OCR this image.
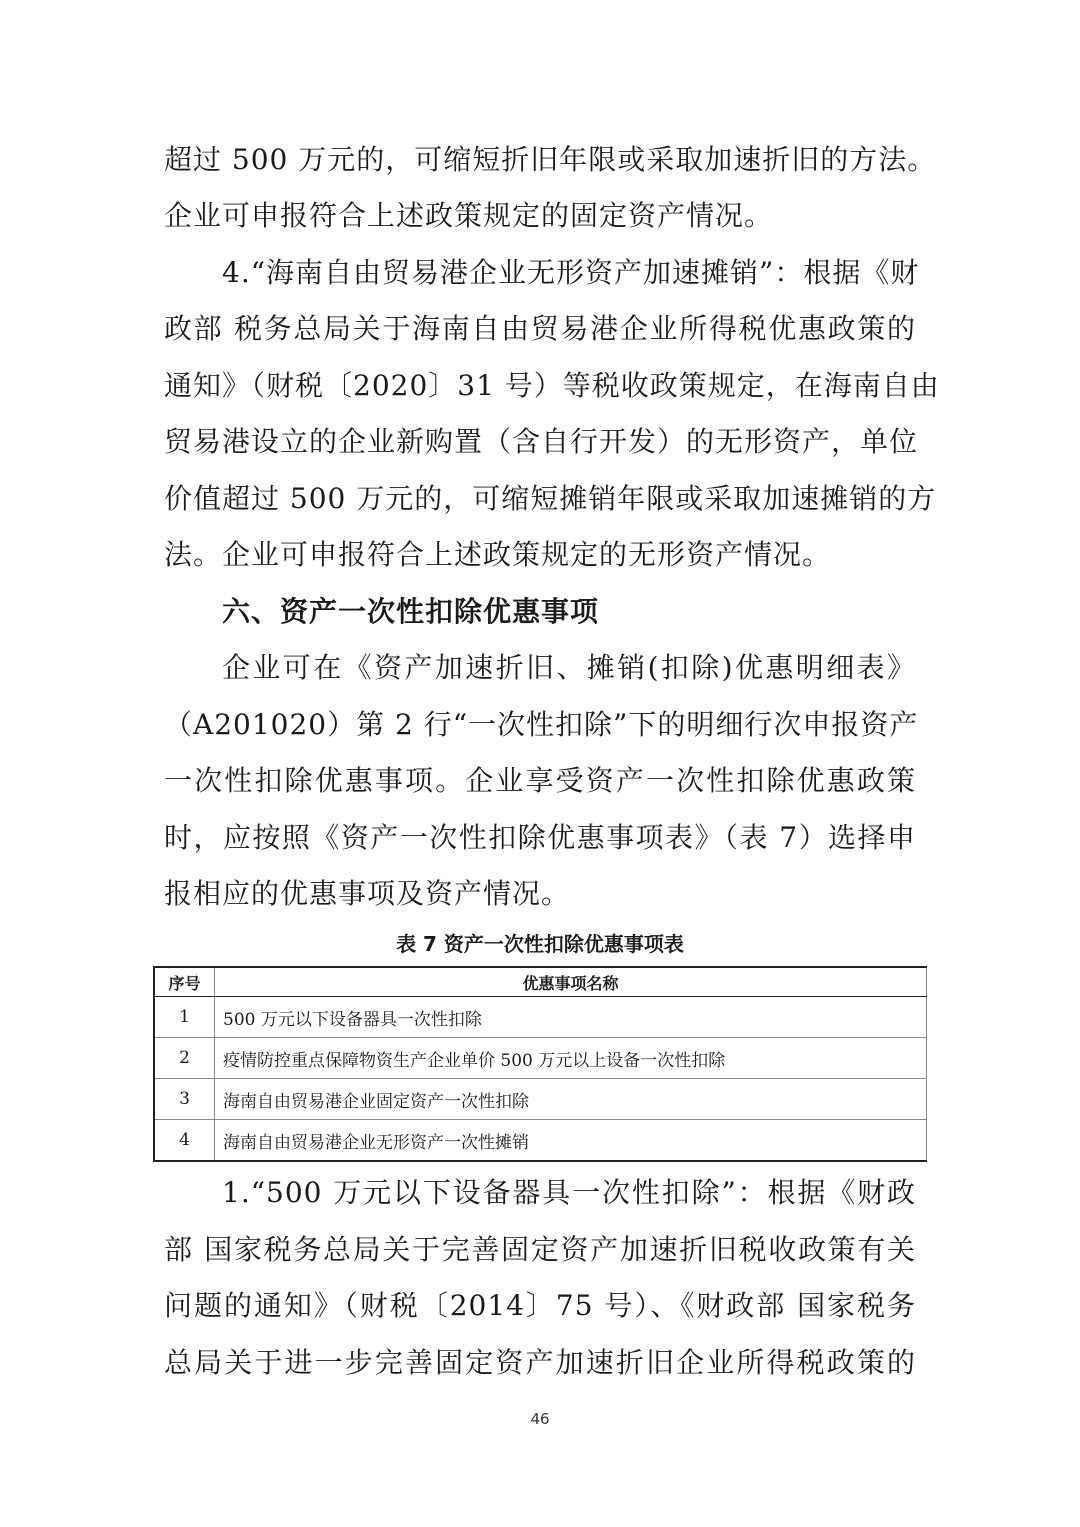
超过 500 万元的，可缩短折旧年限或采取加速折旧的方法。
企业可申报符合上述政策规定的固定资产情况。
4.“海南自由贸易港企业无形资产加速摊销”：根据《财
政部 税务总局关于海南自由贸易港企业所得税优惠政策的
通知》（财税〔2020〕31 号）等税收政策规定，在海南自由
贸易港设立的企业新购置（含自行开发）的无形资产，单位
价值超过 500 万元的，可缩短摊销年限或采取加速摊销的方
法。企业可申报符合上述政策规定的无形资产情况。
六、资产一次性扣除优惠事项
企业可在《资产加速折旧、摊销(扣除)优惠明细表》
（A201020）第 2 行“一次性扣除”下的明细行次申报资产
一次性扣除优惠事项。企业享受资产一次性扣除优惠政策
时，应按照《资产一次性扣除优惠事项表》（表 7）选择申
报相应的优惠事项及资产情况。
表 7 资产一次性扣除优惠事项表
序号	优惠事项名称
1	500 万元以下设备器具一次性扣除
2	疫情防控重点保障物资生产企业单价 500 万元以上设备一次性扣除
3	海南自由贸易港企业固定资产一次性扣除
4	海南自由贸易港企业无形资产一次性摊销
1.“500 万元以下设备器具一次性扣除”：根据《财政
部 国家税务总局关于完善固定资产加速折旧税收政策有关
问题的通知》（财税〔2014〕75 号）、《财政部 国家税务
总局关于进一步完善固定资产加速折旧企业所得税政策的
46
